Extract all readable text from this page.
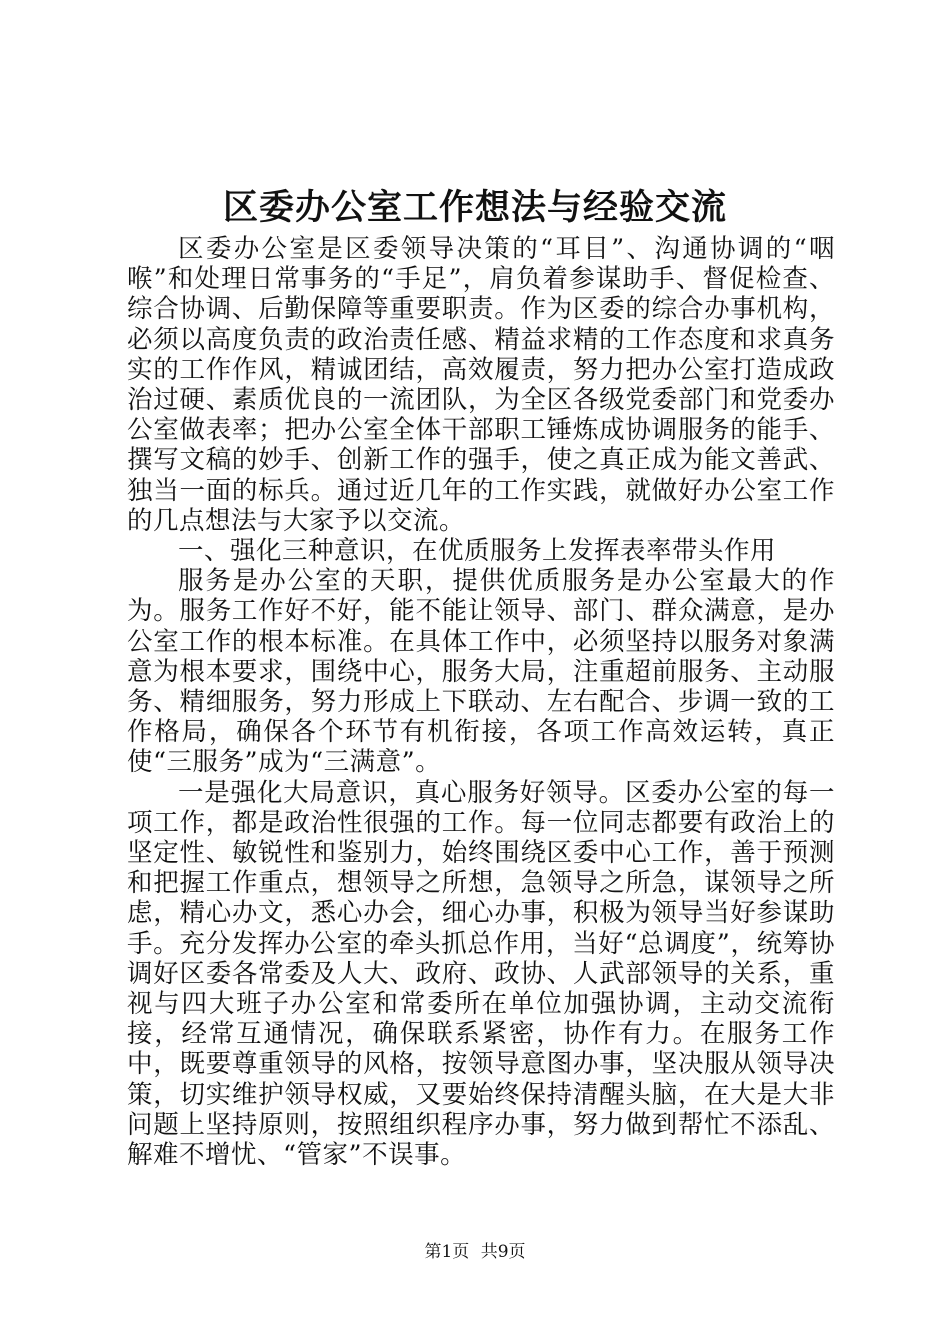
区委办公室工作想法与经验交流

区委办公室是区委领导决策的“耳目”、沟通协调的“咽喉”和处理日常事务的“手足”，肩负着参谋助手、督促检查、综合协调、后勤保障等重要职责。作为区委的综合办事机构，必须以高度负责的政治责任感、精益求精的工作态度和求真务实的工作作风，精诚团结，高效履责，努力把办公室打造成政治过硬、素质优良的一流团队，为全区各级党委部门和党委办公室做表率；把办公室全体干部职工锤炼成协调服务的能手、撰写文稿的妙手、创新工作的强手，使之真正成为能文善武、独当一面的标兵。通过近几年的工作实践，就做好办公室工作的几点想法与大家予以交流。

一、强化三种意识，在优质服务上发挥表率带头作用

服务是办公室的天职，提供优质服务是办公室最大的作为。服务工作好不好，能不能让领导、部门、群众满意，是办公室工作的根本标准。在具体工作中，必须坚持以服务对象满意为根本要求，围绕中心，服务大局，注重超前服务、主动服务、精细服务，努力形成上下联动、左右配合、步调一致的工作格局，确保各个环节有机衔接，各项工作高效运转，真正使“三服务”成为“三满意”。

一是强化大局意识，真心服务好领导。区委办公室的每一项工作，都是政治性很强的工作。每一位同志都要有政治上的坚定性、敏锐性和鉴别力，始终围绕区委中心工作，善于预测和把握工作重点，想领导之所想，急领导之所急，谋领导之所虑，精心办文，悉心办会，细心办事，积极为领导当好参谋助手。充分发挥办公室的牵头抓总作用，当好“总调度”，统筹协调好区委各常委及人大、政府、政协、人武部领导的关系，重视与四大班子办公室和常委所在单位加强协调，主动交流衔接，经常互通情况，确保联系紧密，协作有力。在服务工作中，既要尊重领导的风格，按领导意图办事，坚决服从领导决策，切实维护领导权威，又要始终保持清醒头脑，在大是大非问题上坚持原则，按照组织程序办事，努力做到帮忙不添乱、解难不增忧、“管家”不误事。

第1页 共9页
